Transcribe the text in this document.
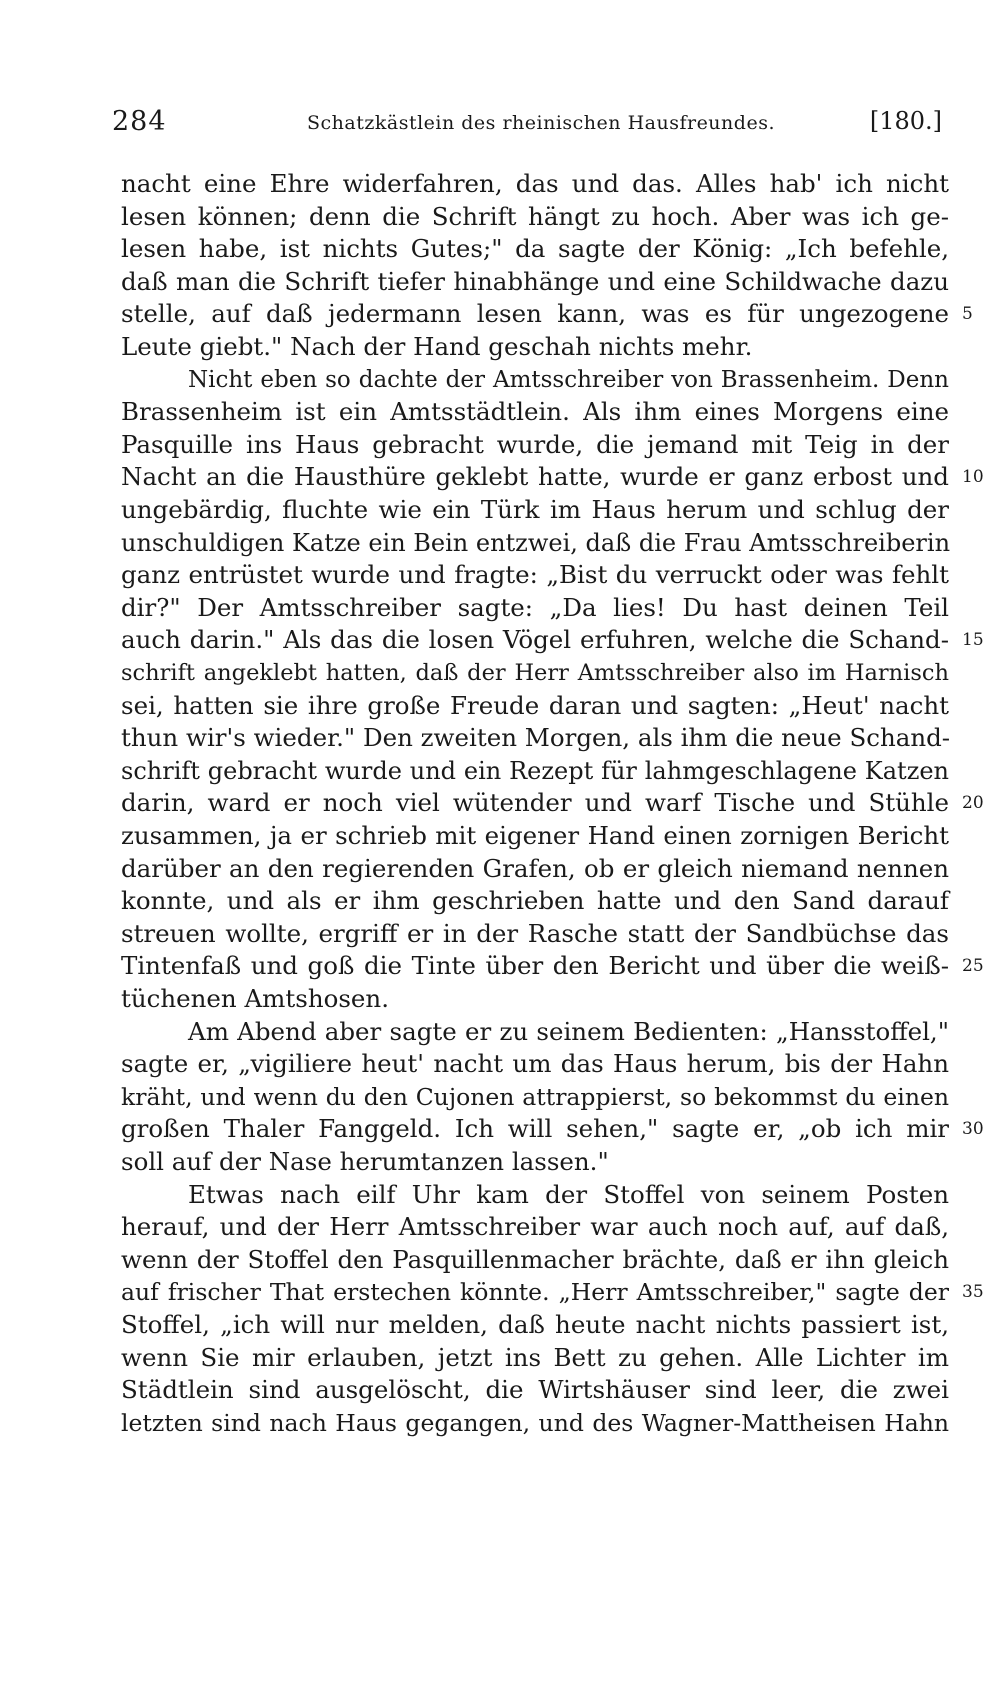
284	Schatzkästlein des rheinischen Hausfreundes.	[180.]
nacht eine Ehre widerfahren, das und das. Alles hab' ich nicht
lesen können; denn die Schrift hängt zu hoch. Aber was ich ge-
lesen habe, ist nichts Gutes;" da sagte der König: „Ich befehle,
daß man die Schrift tiefer hinabhänge und eine Schildwache dazu
stelle, auf daß jedermann lesen kann, was es für ungezogene
Leute giebt." Nach der Hand geschah nichts mehr.
Nicht eben so dachte der Amtsschreiber von Brassenheim. Denn
Brassenheim ist ein Amtsstädtlein. Als ihm eines Morgens eine
Pasquille ins Haus gebracht wurde, die jemand mit Teig in der
Nacht an die Hausthüre geklebt hatte, wurde er ganz erbost und
ungebärdig, fluchte wie ein Türk im Haus herum und schlug der
unschuldigen Katze ein Bein entzwei, daß die Frau Amtsschreiberin
ganz entrüstet wurde und fragte: „Bist du verruckt oder was fehlt
dir?" Der Amtsschreiber sagte: „Da lies! Du hast deinen Teil
auch darin." Als das die losen Vögel erfuhren, welche die Schand-
schrift angeklebt hatten, daß der Herr Amtsschreiber also im Harnisch
sei, hatten sie ihre große Freude daran und sagten: „Heut' nacht
thun wir's wieder." Den zweiten Morgen, als ihm die neue Schand-
schrift gebracht wurde und ein Rezept für lahmgeschlagene Katzen
darin, ward er noch viel wütender und warf Tische und Stühle
zusammen, ja er schrieb mit eigener Hand einen zornigen Bericht
darüber an den regierenden Grafen, ob er gleich niemand nennen
konnte, und als er ihm geschrieben hatte und den Sand darauf
streuen wollte, ergriff er in der Rasche statt der Sandbüchse das
Tintenfaß und goß die Tinte über den Bericht und über die weiß-
tüchenen Amtshosen.
Am Abend aber sagte er zu seinem Bedienten: „Hansstoffel,"
sagte er, „vigiliere heut' nacht um das Haus herum, bis der Hahn
kräht, und wenn du den Cujonen attrappierst, so bekommst du einen
großen Thaler Fanggeld. Ich will sehen," sagte er, „ob ich mir
soll auf der Nase herumtanzen lassen."
Etwas nach eilf Uhr kam der Stoffel von seinem Posten
herauf, und der Herr Amtsschreiber war auch noch auf, auf daß,
wenn der Stoffel den Pasquillenmacher brächte, daß er ihn gleich
auf frischer That erstechen könnte. „Herr Amtsschreiber," sagte der
Stoffel, „ich will nur melden, daß heute nacht nichts passiert ist,
wenn Sie mir erlauben, jetzt ins Bett zu gehen. Alle Lichter im
Städtlein sind ausgelöscht, die Wirtshäuser sind leer, die zwei
letzten sind nach Haus gegangen, und des Wagner-Mattheisen Hahn
5
10
15
20
25
30
35
